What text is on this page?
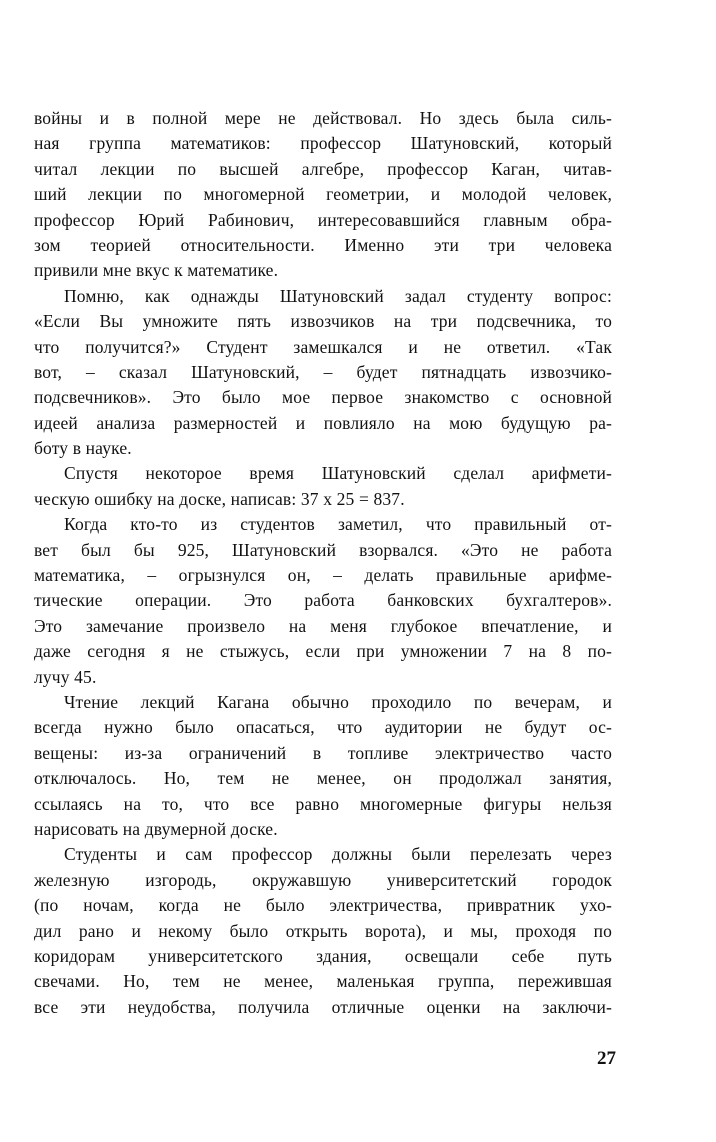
войны и в полной мере не действовал. Но здесь была силь-
ная группа математиков: профессор Шатуновский, который
читал лекции по высшей алгебре, профессор Каган, читав-
ший лекции по многомерной геометрии, и молодой человек,
профессор Юрий Рабинович, интересовавшийся главным обра-
зом теорией относительности. Именно эти три человека
привили мне вкус к математике.
Помню, как однажды Шатуновский задал студенту вопрос:
«Если Вы умножите пять извозчиков на три подсвечника, то
что получится?» Студент замешкался и не ответил. «Так
вот, – сказал Шатуновский, – будет пятнадцать извозчико-
подсвечников». Это было мое первое знакомство с основной
идеей анализа размерностей и повлияло на мою будущую ра-
боту в науке.
Спустя некоторое время Шатуновский сделал арифмети-
ческую ошибку на доске, написав: 37 x 25 = 837.
Когда кто-то из студентов заметил, что правильный от-
вет был бы 925, Шатуновский взорвался. «Это не работа
математика, – огрызнулся он, – делать правильные арифме-
тические операции. Это работа банковских бухгалтеров».
Это замечание произвело на меня глубокое впечатление, и
даже сегодня я не стыжусь, если при умножении 7 на 8 по-
лучу 45.
Чтение лекций Кагана обычно проходило по вечерам, и
всегда нужно было опасаться, что аудитории не будут ос-
вещены: из-за ограничений в топливе электричество часто
отключалось. Но, тем не менее, он продолжал занятия,
ссылаясь на то, что все равно многомерные фигуры нельзя
нарисовать на двумерной доске.
Студенты и сам профессор должны были перелезать через
железную изгородь, окружавшую университетский городок
(по ночам, когда не было электричества, привратник ухо-
дил рано и некому было открыть ворота), и мы, проходя по
коридорам университетского здания, освещали себе путь
свечами. Но, тем не менее, маленькая группа, пережившая
все эти неудобства, получила отличные оценки на заключи-
27
